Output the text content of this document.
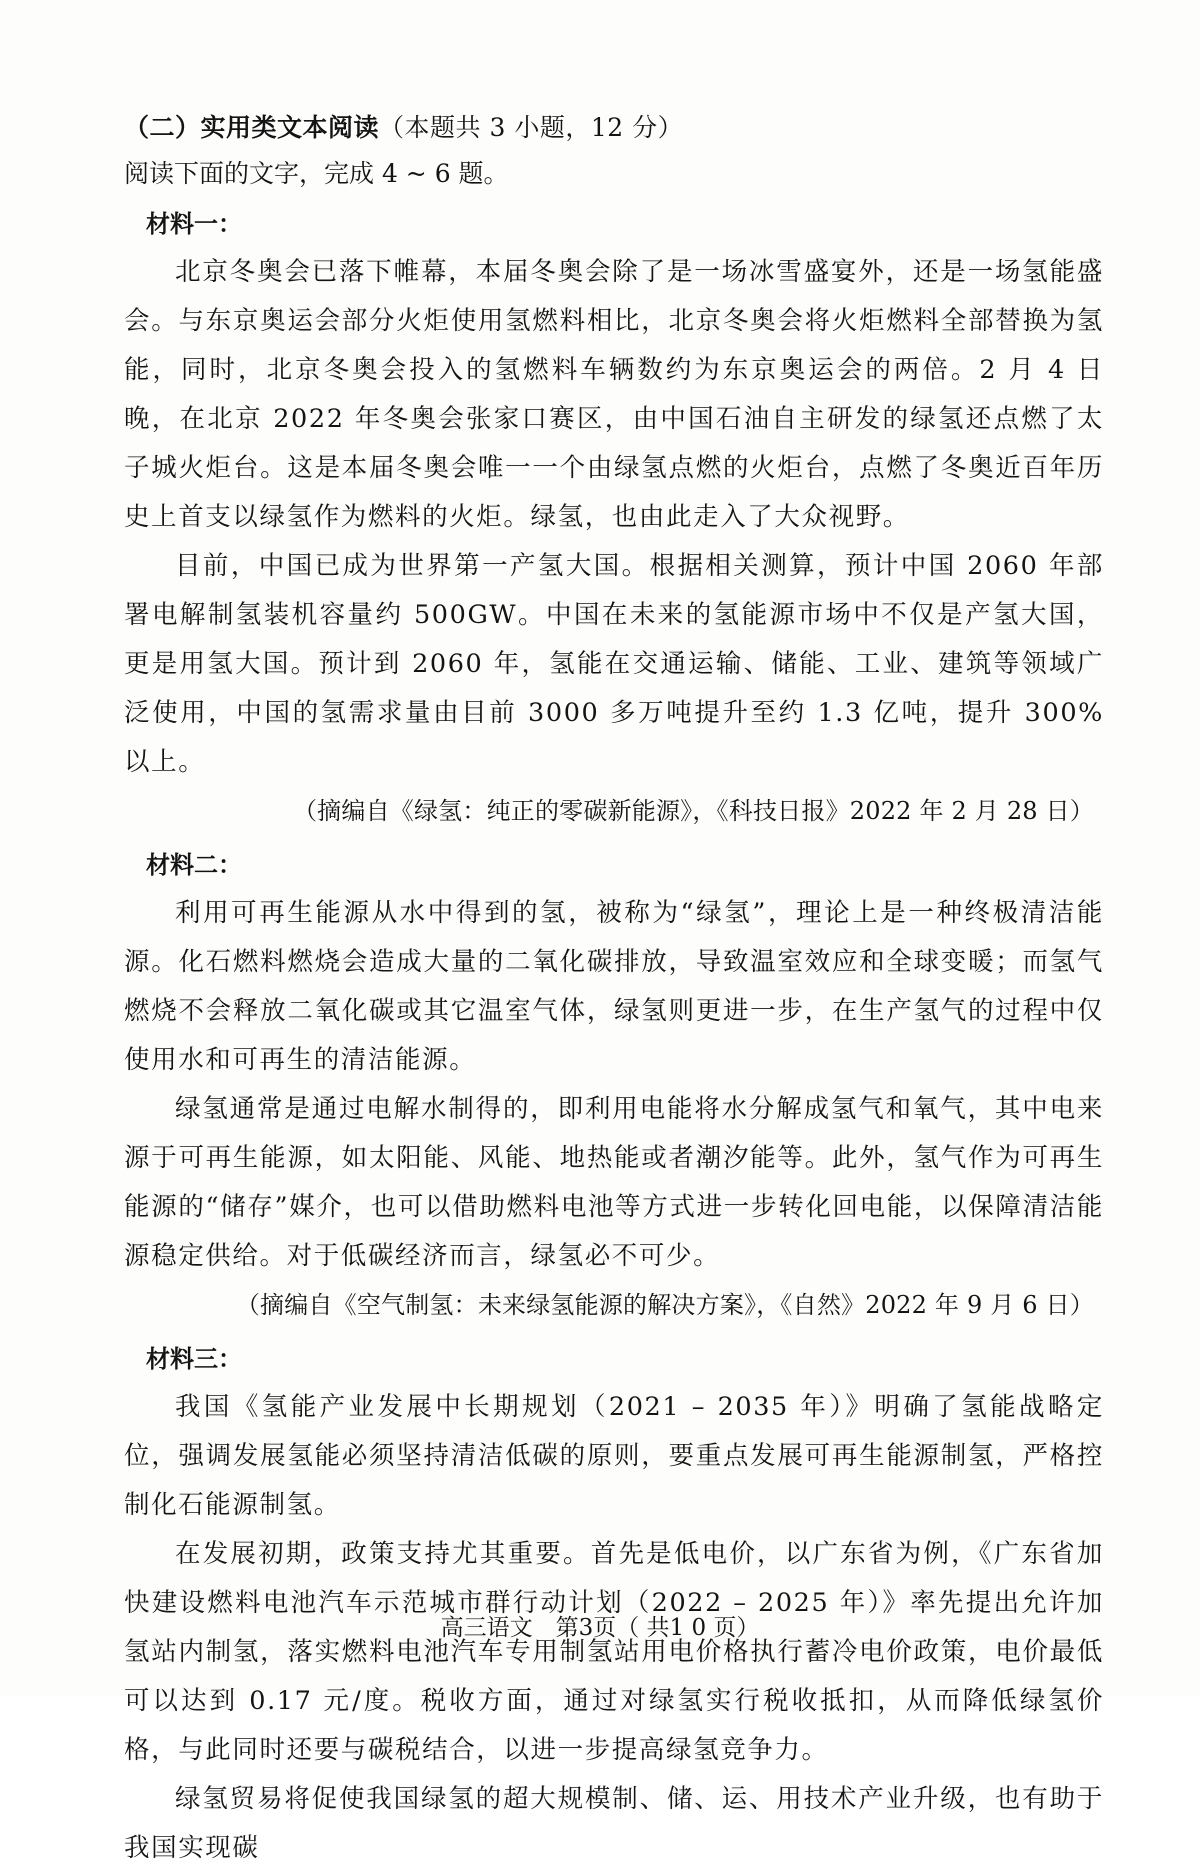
（二）实用类文本阅读（本题共 3 小题，12 分）

阅读下面的文字，完成 4 ~ 6 题。

材料一：

北京冬奥会已落下帷幕，本届冬奥会除了是一场冰雪盛宴外，还是一场氢能盛会。与东京奥运会部分火炬使用氢燃料相比，北京冬奥会将火炬燃料全部替换为氢能，同时，北京冬奥会投入的氢燃料车辆数约为东京奥运会的两倍。2 月 4 日晚，在北京 2022 年冬奥会张家口赛区，由中国石油自主研发的绿氢还点燃了太子城火炬台。这是本届冬奥会唯一一个由绿氢点燃的火炬台，点燃了冬奥近百年历史上首支以绿氢作为燃料的火炬。绿氢，也由此走入了大众视野。

目前，中国已成为世界第一产氢大国。根据相关测算，预计中国 2060 年部署电解制氢装机容量约 500GW。中国在未来的氢能源市场中不仅是产氢大国，更是用氢大国。预计到 2060 年，氢能在交通运输、储能、工业、建筑等领域广泛使用，中国的氢需求量由目前 3000 多万吨提升至约 1.3 亿吨，提升 300% 以上。

（摘编自《绿氢：纯正的零碳新能源》，《科技日报》2022 年 2 月 28 日）

材料二：

利用可再生能源从水中得到的氢，被称为“绿氢”，理论上是一种终极清洁能源。化石燃料燃烧会造成大量的二氧化碳排放，导致温室效应和全球变暖；而氢气燃烧不会释放二氧化碳或其它温室气体，绿氢则更进一步，在生产氢气的过程中仅使用水和可再生的清洁能源。

绿氢通常是通过电解水制得的，即利用电能将水分解成氢气和氧气，其中电来源于可再生能源，如太阳能、风能、地热能或者潮汐能等。此外，氢气作为可再生能源的“储存”媒介，也可以借助燃料电池等方式进一步转化回电能，以保障清洁能源稳定供给。对于低碳经济而言，绿氢必不可少。

（摘编自《空气制氢：未来绿氢能源的解决方案》，《自然》2022 年 9 月 6 日）

材料三：

我国《氢能产业发展中长期规划（2021 – 2035 年）》明确了氢能战略定位，强调发展氢能必须坚持清洁低碳的原则，要重点发展可再生能源制氢，严格控制化石能源制氢。

在发展初期，政策支持尤其重要。首先是低电价，以广东省为例，《广东省加快建设燃料电池汽车示范城市群行动计划（2022 – 2025 年）》率先提出允许加氢站内制氢，落实燃料电池汽车专用制氢站用电价格执行蓄冷电价政策，电价最低可以达到 0.17 元/度。税收方面，通过对绿氢实行税收抵扣，从而降低绿氢价格，与此同时还要与碳税结合，以进一步提高绿氢竞争力。

绿氢贸易将促使我国绿氢的超大规模制、储、运、用技术产业升级，也有助于我国实现碳

高三语文　第3页（ 共1 0 页）
